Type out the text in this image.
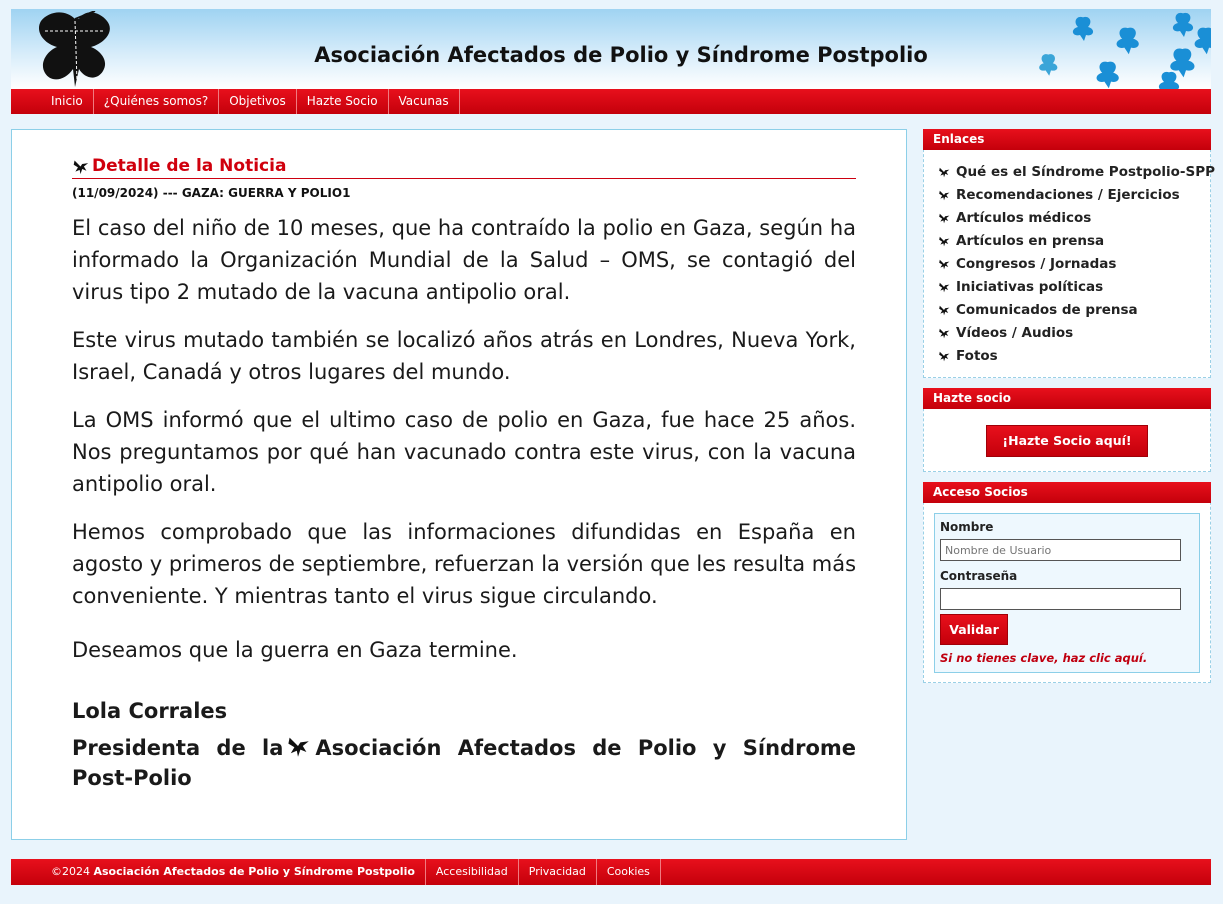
Asociación Afectados de Polio y Síndrome Postpolio
Inicio	¿Quiénes somos?	Objetivos	Hazte Socio	Vacunas
Detalle de la Noticia
(11/09/2024) --- GAZA: GUERRA Y POLIO1

El caso del niño de 10 meses, que ha contraído la polio en Gaza, según ha informado la Organización Mundial de la Salud – OMS, se contagió del virus tipo 2 mutado de la vacuna antipolio oral.

Este virus mutado también se localizó años atrás en Londres, Nueva York, Israel, Canadá y otros lugares del mundo.

La OMS informó que el ultimo caso de polio en Gaza, fue hace 25 años. Nos preguntamos por qué han vacunado contra este virus, con la vacuna antipolio oral.

Hemos comprobado que las informaciones difundidas en España en agosto y primeros de septiembre, refuerzan la versión que les resulta más conveniente. Y mientras tanto el virus sigue circulando.

Deseamos que la guerra en Gaza termine.

Lola Corrales
Presidenta de la Asociación Afectados de Polio y Síndrome Post-Polio
Enlaces
Qué es el Síndrome Postpolio-SPP
Recomendaciones / Ejercicios
Artículos médicos
Artículos en prensa
Congresos / Jornadas
Iniciativas políticas
Comunicados de prensa
Vídeos / Audios
Fotos
Hazte socio
¡Hazte Socio aquí!
Acceso Socios
Nombre
Nombre de Usuario
Contraseña
Validar
Si no tienes clave, haz clic aquí.
©2024 Asociación Afectados de Polio y Síndrome Postpolio	Accesibilidad	Privacidad	Cookies
